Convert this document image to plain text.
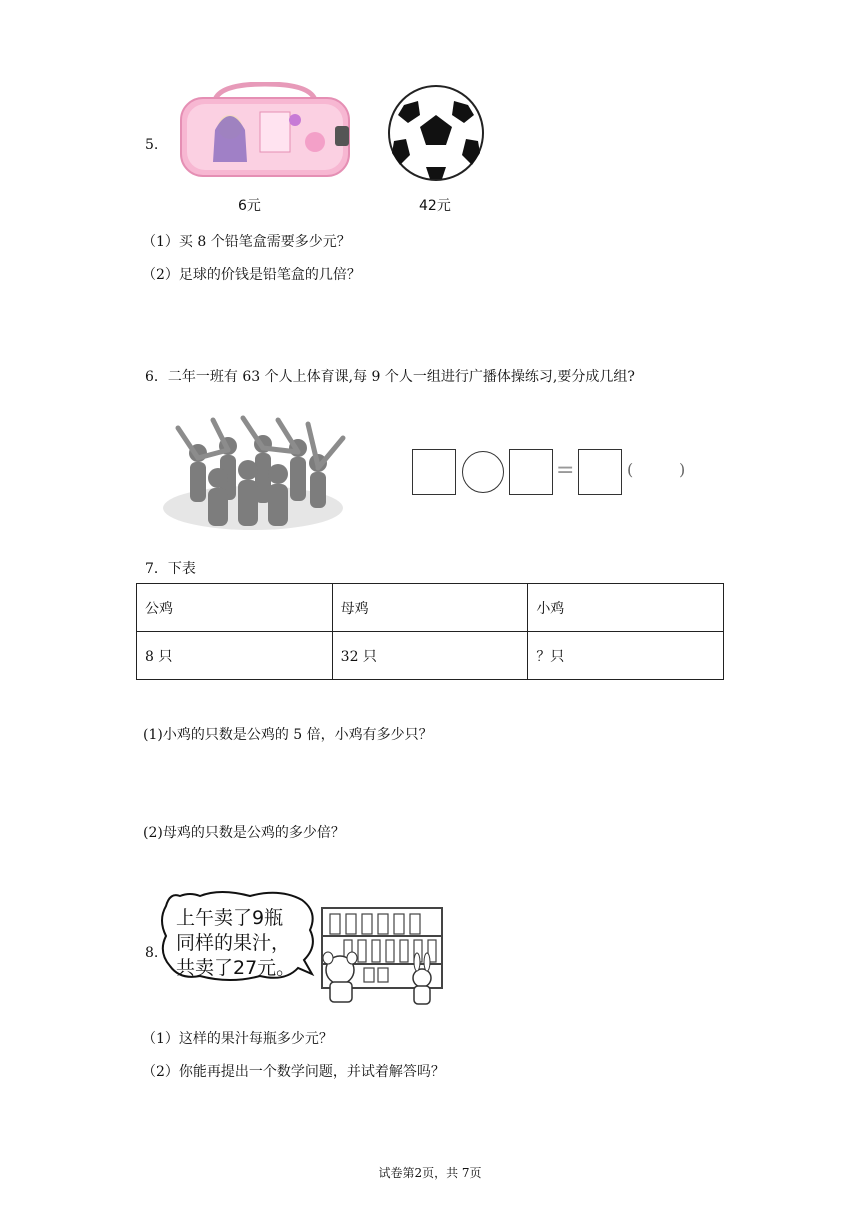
5.
6元	42元
（1）买 8 个铅笔盒需要多少元？
（2）足球的价钱是铅笔盒的几倍？
6．二年一班有 63 个人上体育课,每 9 个人一组进行广播体操练习,要分成几组?
=	(	)
7．下表
公鸡	母鸡	小鸡
8 只	32 只	？只
(1)小鸡的只数是公鸡的 5 倍，小鸡有多少只？
(2)母鸡的只数是公鸡的多少倍？
8.
上午卖了9瓶
同样的果汁，
共卖了27元。
（1）这样的果汁每瓶多少元？
（2）你能再提出一个数学问题，并试着解答吗？
试卷第2页，共 7页
